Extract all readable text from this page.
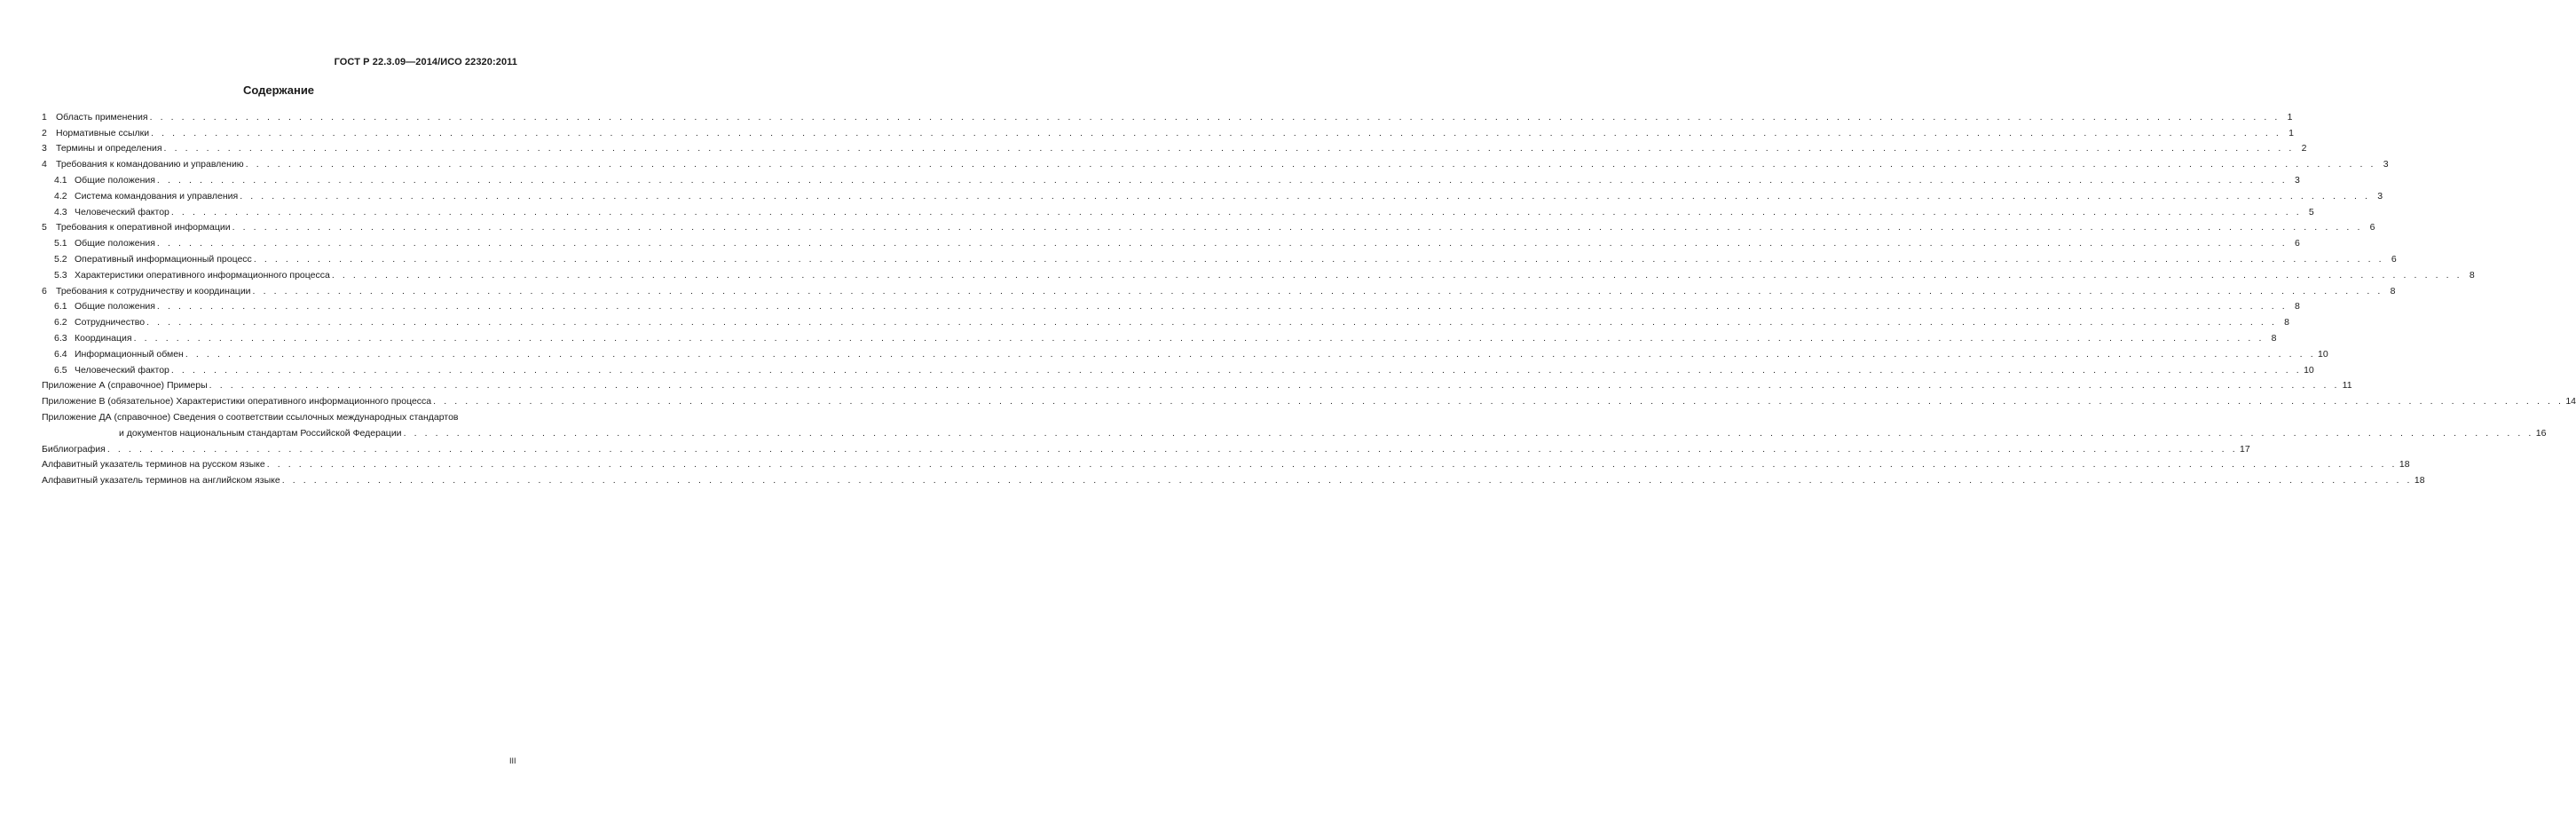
ГОСТ Р 22.3.09—2014/ИСО 22320:2011
Содержание
1 Область применения . . . . . . . . . . . . . . . . . . . . . . . . . . . . . . . . . . . . . . . . . . . . . . . . . . . . . . . . . . . . . . . . . . . . . . . . . . . . . . . . . . . . . . . . . . . . . . . . . . . . . . . . . . . . . . . . . . . . . . . . . . . . . . . . . . . . . . . . . . . . . . . . . . . . . . . . . . . . . . . . . . . . . . . . . . . . . . . . . . . . . . . . . . . . . . . . . . . . . . . . 1
2 Нормативные ссылки . . . . . . . . . . . . . . . . . . . . . . . . . . . . . . . . . . . . . . . . . . . . . . . . . . . . . . . . . . . . . . . . . . . . . . . . . . . . . . . . . . . . . . . . . . . . . . . . . . . . . . . . . . . . . . . . . . . . . . . . . . . . . . . . . . . . . . . . . . . . . . . . . . . . . . . . . . . . . . . . . . . . . . . . . . . . . . . . . . . . . . . . . . . . . . . . . . . . . . . . 1
3 Термины и определения . . . . . . . . . . . . . . . . . . . . . . . . . . . . . . . . . . . . . . . . . . . . . . . . . . . . . . . . . . . . . . . . . . . . . . . . . . . . . . . . . . . . . . . . . . . . . . . . . . . . . . . . . . . . . . . . . . . . . . . . . . . . . . . . . . . . . . . . . . . . . . . . . . . . . . . . . . . . . . . . . . . . . . . . . . . . . . . . . . . . . . . . . . . . . . . . . . . . . . . . 2
4 Требования к командованию и управлению . . . . . . . . . . . . . . . . . . . . . . . . . . . . . . . . . . . . . . . . . . . . . . . . . . . . . . . . . . . . . . . . . . . . . . . . . . . . . . . . . . . . . . . . . . . . . . . . . . . . . . . . . . . . . . . . . . . . . . . . . . . . . . . . . . . . . . . . . . . . . . . . . . . . . . . . . . . . . . . . . . . . . . . . . . . . . . . . . . . . . . . . . . . . . . . . . . . . . . . . 3
4.1 Общие положения . . . . . . . . . . . . . . . . . . . . . . . . . . . . . . . . . . . . . . . . . . . . . . . . . . . . . . . . . . . . . . . . . . . . . . . . . . . . . . . . . . . . . . . . . . . . . . . . . . . . . . . . . . . . . . . . . . . . . . . . . . . . . . . . . . . . . . . . . . . . . . . . . . . . . . . . . . . . . . . . . . . . . . . . . . . . . . . . . . . . . . . . . . . . . . . . . . . . . . . . 3
4.2 Система командования и управления . . . . . . . . . . . . . . . . . . . . . . . . . . . . . . . . . . . . . . . . . . . . . . . . . . . . . . . . . . . . . . . . . . . . . . . . . . . . . . . . . . . . . . . . . . . . . . . . . . . . . . . . . . . . . . . . . . . . . . . . . . . . . . . . . . . . . . . . . . . . . . . . . . . . . . . . . . . . . . . . . . . . . . . . . . . . . . . . . . . . . . . . . . . . . . . . . . . . . . . . 3
4.3 Человеческий фактор . . . . . . . . . . . . . . . . . . . . . . . . . . . . . . . . . . . . . . . . . . . . . . . . . . . . . . . . . . . . . . . . . . . . . . . . . . . . . . . . . . . . . . . . . . . . . . . . . . . . . . . . . . . . . . . . . . . . . . . . . . . . . . . . . . . . . . . . . . . . . . . . . . . . . . . . . . . . . . . . . . . . . . . . . . . . . . . . . . . . . . . . . . . . . . . . . . . . . . . . 5
5 Требования к оперативной информации . . . . . . . . . . . . . . . . . . . . . . . . . . . . . . . . . . . . . . . . . . . . . . . . . . . . . . . . . . . . . . . . . . . . . . . . . . . . . . . . . . . . . . . . . . . . . . . . . . . . . . . . . . . . . . . . . . . . . . . . . . . . . . . . . . . . . . . . . . . . . . . . . . . . . . . . . . . . . . . . . . . . . . . . . . . . . . . . . . . . . . . . . . . . . . . . . . . . . . . . 6
5.1 Общие положения . . . . . . . . . . . . . . . . . . . . . . . . . . . . . . . . . . . . . . . . . . . . . . . . . . . . . . . . . . . . . . . . . . . . . . . . . . . . . . . . . . . . . . . . . . . . . . . . . . . . . . . . . . . . . . . . . . . . . . . . . . . . . . . . . . . . . . . . . . . . . . . . . . . . . . . . . . . . . . . . . . . . . . . . . . . . . . . . . . . . . . . . . . . . . . . . . . . . . . . . 6
5.2 Оперативный информационный процесс . . . . . . . . . . . . . . . . . . . . . . . . . . . . . . . . . . . . . . . . . . . . . . . . . . . . . . . . . . . . . . . . . . . . . . . . . . . . . . . . . . . . . . . . . . . . . . . . . . . . . . . . . . . . . . . . . . . . . . . . . . . . . . . . . . . . . . . . . . . . . . . . . . . . . . . . . . . . . . . . . . . . . . . . . . . . . . . . . . . . . . . . . . . . . . . . . . . . . . . . 6
5.3 Характеристики оперативного информационного процесса . . . . . . . . . . . . . . . . . . . . . . . . . . . . . . . . . . . . . . . . . . . . . . . . . . . . . . . . . . . . . . . . . . . . . . . . . . . . . . . . . . . . . . . . . . . . . . . . . . . . . . . . . . . . . . . . . . . . . . . . . . . . . . . . . . . . . . . . . . . . . . . . . . . . . . . . . . . . . . . . . . . . . . . . . . . . . . . . . . . . . . . . . . . . . . . . . . . . . . . . 8
6 Требования к сотрудничеству и координации . . . . . . . . . . . . . . . . . . . . . . . . . . . . . . . . . . . . . . . . . . . . . . . . . . . . . . . . . . . . . . . . . . . . . . . . . . . . . . . . . . . . . . . . . . . . . . . . . . . . . . . . . . . . . . . . . . . . . . . . . . . . . . . . . . . . . . . . . . . . . . . . . . . . . . . . . . . . . . . . . . . . . . . . . . . . . . . . . . . . . . . . . . . . . . . . . . . . . . . . 8
6.1 Общие положения . . . . . . . . . . . . . . . . . . . . . . . . . . . . . . . . . . . . . . . . . . . . . . . . . . . . . . . . . . . . . . . . . . . . . . . . . . . . . . . . . . . . . . . . . . . . . . . . . . . . . . . . . . . . . . . . . . . . . . . . . . . . . . . . . . . . . . . . . . . . . . . . . . . . . . . . . . . . . . . . . . . . . . . . . . . . . . . . . . . . . . . . . . . . . . . . . . . . . . . . 8
6.2 Сотрудничество . . . . . . . . . . . . . . . . . . . . . . . . . . . . . . . . . . . . . . . . . . . . . . . . . . . . . . . . . . . . . . . . . . . . . . . . . . . . . . . . . . . . . . . . . . . . . . . . . . . . . . . . . . . . . . . . . . . . . . . . . . . . . . . . . . . . . . . . . . . . . . . . . . . . . . . . . . . . . . . . . . . . . . . . . . . . . . . . . . . . . . . . . . . . . . . . . . . . . . . . 8
6.3 Координация . . . . . . . . . . . . . . . . . . . . . . . . . . . . . . . . . . . . . . . . . . . . . . . . . . . . . . . . . . . . . . . . . . . . . . . . . . . . . . . . . . . . . . . . . . . . . . . . . . . . . . . . . . . . . . . . . . . . . . . . . . . . . . . . . . . . . . . . . . . . . . . . . . . . . . . . . . . . . . . . . . . . . . . . . . . . . . . . . . . . . . . . . . . . . . . . . . . . . . . . 8
6.4 Информационный обмен . . . . . . . . . . . . . . . . . . . . . . . . . . . . . . . . . . . . . . . . . . . . . . . . . . . . . . . . . . . . . . . . . . . . . . . . . . . . . . . . . . . . . . . . . . . . . . . . . . . . . . . . . . . . . . . . . . . . . . . . . . . . . . . . . . . . . . . . . . . . . . . . . . . . . . . . . . . . . . . . . . . . . . . . . . . . . . . . . . . . . . . . . . . . . . . . . . . . . . . . 10
6.5 Человеческий фактор . . . . . . . . . . . . . . . . . . . . . . . . . . . . . . . . . . . . . . . . . . . . . . . . . . . . . . . . . . . . . . . . . . . . . . . . . . . . . . . . . . . . . . . . . . . . . . . . . . . . . . . . . . . . . . . . . . . . . . . . . . . . . . . . . . . . . . . . . . . . . . . . . . . . . . . . . . . . . . . . . . . . . . . . . . . . . . . . . . . . . . . . . . . . . . . . . . . . . . . . 10
Приложение А (справочное) Примеры . . . . . . . . . . . . . . . . . . . . . . . . . . . . . . . . . . . . . . . . . . . . . . . . . . . . . . . . . . . . . . . . . . . . . . . . . . . . . . . . . . . . . . . . . . . . . . . . . . . . . . . . . . . . . . . . . . . . . . . . . . . . . . . . . . . . . . . . . . . . . . . . . . . . . . . . . . . . . . . . . . . . . . . . . . . . . . . . . . . . . . . . . . . . . . . . . . . . . . . . 11
Приложение В (обязательное) Характеристики оперативного информационного процесса . . . . . . . . . . . . . . . . . . . . . . . . . . . . . . . . . . . . . . . . . . . . . . . . . . . . . . . . . . . . . . . . . . . . . . . . . . . . . . . . . . . . . . . . . . . . . . . . . . . . . . . . . . . . . . . . . . . . . . . . . . . . . . . . . . . . . . . . . . . . . . . . . . . . . . . . . . . . . . . . . . . . . . . . . . . . . . . . . . . . . . . . . . . . . . . . . . . . . . . . 14
Приложение ДА (справочное) Сведения о соответствии ссылочных международных стандартов
и документов национальным стандартам Российской Федерации . . . . . . . . . . . . . . . . . . . . . . . . . . . . . . . . . . . . . . . . . . . . . . . . . . . . . . . . . . . . . . . . . . . . . . . . . . . . . . . . . . . . . . . . . . . . . . . . . . . . . . . . . . . . . . . . . . . . . . . . . . . . . . . . . . . . . . . . . . . . . . . . . . . . . . . . . . . . . . . . . . . . . . . . . . . . . . . . . . . . . . . . . . . . . . . . . . . . . . . . 16
Библиография . . . . . . . . . . . . . . . . . . . . . . . . . . . . . . . . . . . . . . . . . . . . . . . . . . . . . . . . . . . . . . . . . . . . . . . . . . . . . . . . . . . . . . . . . . . . . . . . . . . . . . . . . . . . . . . . . . . . . . . . . . . . . . . . . . . . . . . . . . . . . . . . . . . . . . . . . . . . . . . . . . . . . . . . . . . . . . . . . . . . . . . . . . . . . . . . . . . . . . . . 17
Алфавитный указатель терминов на русском языке . . . . . . . . . . . . . . . . . . . . . . . . . . . . . . . . . . . . . . . . . . . . . . . . . . . . . . . . . . . . . . . . . . . . . . . . . . . . . . . . . . . . . . . . . . . . . . . . . . . . . . . . . . . . . . . . . . . . . . . . . . . . . . . . . . . . . . . . . . . . . . . . . . . . . . . . . . . . . . . . . . . . . . . . . . . . . . . . . . . . . . . . . . . . . . . . . . . . . . . . 18
Алфавитный указатель терминов на английском языке . . . . . . . . . . . . . . . . . . . . . . . . . . . . . . . . . . . . . . . . . . . . . . . . . . . . . . . . . . . . . . . . . . . . . . . . . . . . . . . . . . . . . . . . . . . . . . . . . . . . . . . . . . . . . . . . . . . . . . . . . . . . . . . . . . . . . . . . . . . . . . . . . . . . . . . . . . . . . . . . . . . . . . . . . . . . . . . . . . . . . . . . . . . . . . . . . . . . . . . . 18
III
